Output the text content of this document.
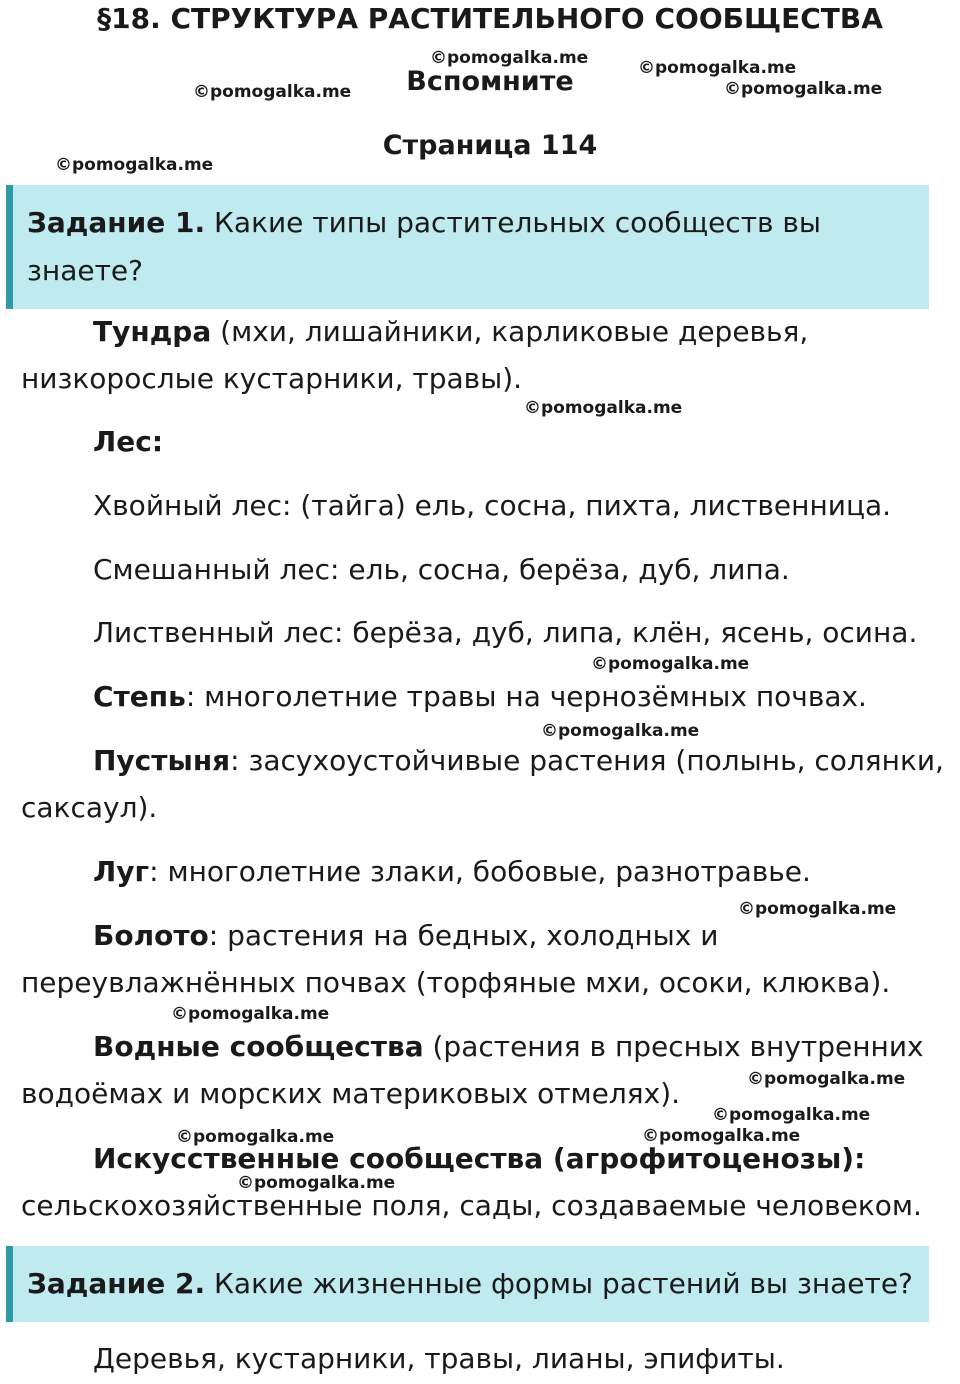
§18. СТРУКТУРА РАСТИТЕЛЬНОГО СООБЩЕСТВА
Вспомните
Страница 114
©pomogalka.me	©pomogalka.me
©pomogalka.me	©pomogalka.me
©pomogalka.me
©pomogalka.me
©pomogalka.me
©pomogalka.me
©pomogalka.me
©pomogalka.me
©pomogalka.me
©pomogalka.me
©pomogalka.me	©pomogalka.me
©pomogalka.me
Задание 1. Какие типы растительных сообществ вы
знаете?
Тундра (мхи, лишайники, карликовые деревья,
низкорослые кустарники, травы).
Лес:
Хвойный лес: (тайга) ель, сосна, пихта, лиственница.
Смешанный лес: ель, сосна, берёза, дуб, липа.
Лиственный лес: берёза, дуб, липа, клён, ясень, осина.
Степь: многолетние травы на чернозёмных почвах.
Пустыня: засухоустойчивые растения (полынь, солянки,
саксаул).
Луг: многолетние злаки, бобовые, разнотравье.
Болото: растения на бедных, холодных и
переувлажнённых почвах (торфяные мхи, осоки, клюква).
Водные сообщества (растения в пресных внутренних
водоёмах и морских материковых отмелях).
Искусственные сообщества (агрофитоценозы):
сельскохозяйственные поля, сады, создаваемые человеком.
Задание 2. Какие жизненные формы растений вы знаете?
Деревья, кустарники, травы, лианы, эпифиты.
